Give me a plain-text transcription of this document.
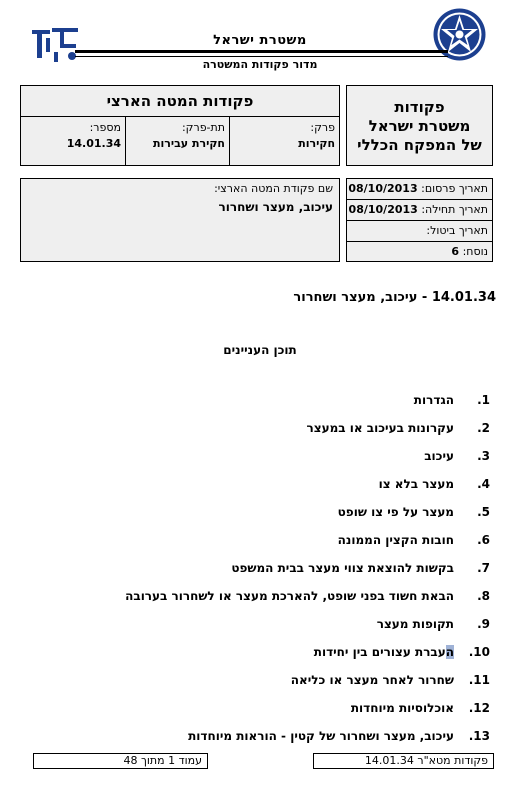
משטרת ישראל
מדור פקודות המשטרה
פקודות
משטרת ישראל
של המפקח הכללי
פקודות המטה הארצי
פרק:
חקירות
תת-פרק:
חקירת עבירות
מספר:
14.01.34
תאריך פרסום: 08/10/2013
תאריך תחילה: 08/10/2013
תאריך ביטול:
נוסח: 6
שם פקודת המטה הארצי:
עיכוב, מעצר ושחרור
14.01.34 - עיכוב, מעצר ושחרור
תוכן העניינים
1.הגדרות
2.עקרונות בעיכוב או במעצר
3.עיכוב
4.מעצר בלא צו
5.מעצר על פי צו שופט
6.חובות הקצין הממונה
7.בקשות להוצאת צווי מעצר בבית המשפט
8.הבאת חשוד בפני שופט, להארכת מעצר או לשחרור בערובה
9.תקופות מעצר
10.העברת עצורים בין יחידות
11.שחרור לאחר מעצר או כליאה
12.אוכלוסיות מיוחדות
13.עיכוב, מעצר ושחרור של קטין - הוראות מיוחדות
עמוד 1 מתוך 48	פקודות מטא"ר 14.01.34
